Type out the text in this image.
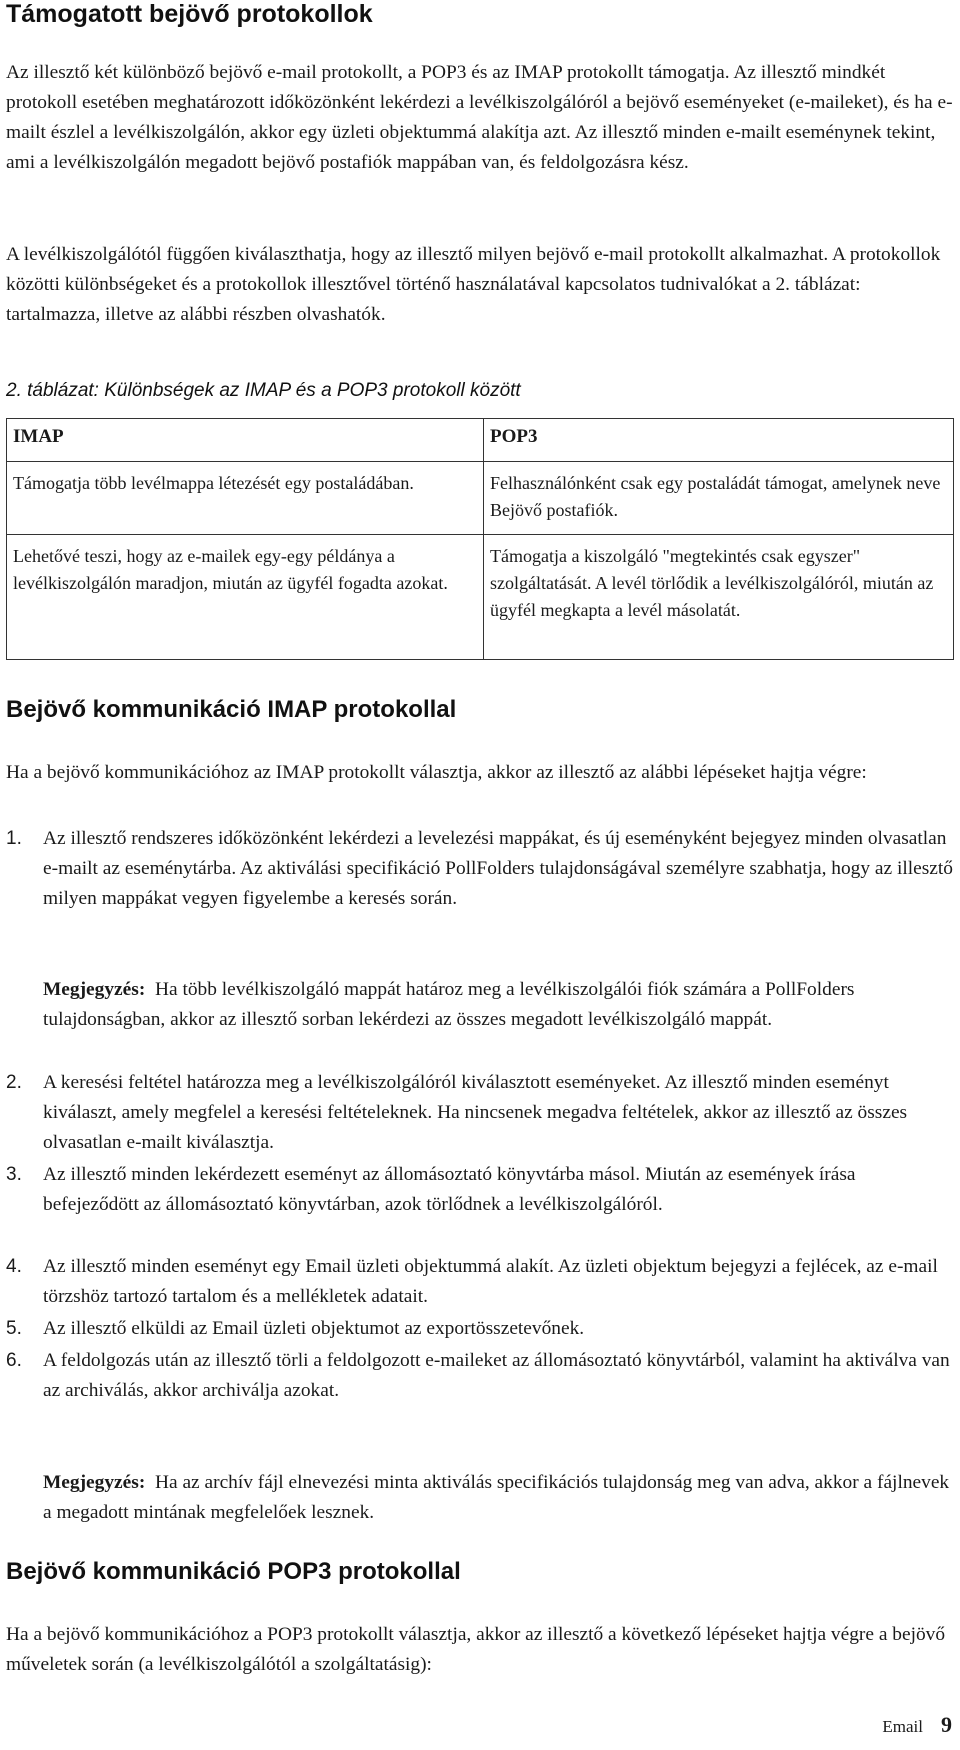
Támogatott bejövő protokollok

Az illesztő két különböző bejövő e-mail protokollt, a POP3 és az IMAP protokollt támogatja. Az illesztő mindkét protokoll esetében meghatározott időközönként lekérdezi a levélkiszolgálóról a bejövő eseményeket (e-maileket), és ha e-mailt észlel a levélkiszolgálón, akkor egy üzleti objektummá alakítja azt. Az illesztő minden e-mailt eseménynek tekint, ami a levélkiszolgálón megadott bejövő postafiók mappában van, és feldolgozásra kész.

A levélkiszolgálótól függően kiválaszthatja, hogy az illesztő milyen bejövő e-mail protokollt alkalmazhat. A protokollok közötti különbségeket és a protokollok illesztővel történő használatával kapcsolatos tudnivalókat a 2. táblázat: tartalmazza, illetve az alábbi részben olvashatók.

2. táblázat: Különbségek az IMAP és a POP3 protokoll között

IMAP	POP3
Támogatja több levélmappa létezését egy postaládában.	Felhasználónként csak egy postaládát támogat, amelynek neve Bejövő postafiók.
Lehetővé teszi, hogy az e-mailek egy-egy példánya a levélkiszolgálón maradjon, miután az ügyfél fogadta azokat.	Támogatja a kiszolgáló "megtekintés csak egyszer" szolgáltatását. A levél törlődik a levélkiszolgálóról, miután az ügyfél megkapta a levél másolatát.
Bejövő kommunikáció IMAP protokollal

Ha a bejövő kommunikációhoz az IMAP protokollt választja, akkor az illesztő az alábbi lépéseket hajtja végre:

1. Az illesztő rendszeres időközönként lekérdezi a levelezési mappákat, és új eseményként bejegyez minden olvasatlan e-mailt az eseménytárba. Az aktiválási specifikáció PollFolders tulajdonságával személyre szabhatja, hogy az illesztő milyen mappákat vegyen figyelembe a keresés során.
Megjegyzés: Ha több levélkiszolgáló mappát határoz meg a levélkiszolgálói fiók számára a PollFolders tulajdonságban, akkor az illesztő sorban lekérdezi az összes megadott levélkiszolgáló mappát.
2. A keresési feltétel határozza meg a levélkiszolgálóról kiválasztott eseményeket. Az illesztő minden eseményt kiválaszt, amely megfelel a keresési feltételeknek. Ha nincsenek megadva feltételek, akkor az illesztő az összes olvasatlan e-mailt kiválasztja.
3. Az illesztő minden lekérdezett eseményt az állomásoztató könyvtárba másol. Miután az események írása befejeződött az állomásoztató könyvtárban, azok törlődnek a levélkiszolgálóról.
4. Az illesztő minden eseményt egy Email üzleti objektummá alakít. Az üzleti objektum bejegyzi a fejlécek, az e-mail törzshöz tartozó tartalom és a mellékletek adatait.
5. Az illesztő elküldi az Email üzleti objektumot az exportösszetevőnek.
6. A feldolgozás után az illesztő törli a feldolgozott e-maileket az állomásoztató könyvtárból, valamint ha aktiválva van az archiválás, akkor archiválja azokat.
Megjegyzés: Ha az archív fájl elnevezési minta aktiválás specifikációs tulajdonság meg van adva, akkor a fájlnevek a megadott mintának megfelelőek lesznek.
Bejövő kommunikáció POP3 protokollal

Ha a bejövő kommunikációhoz a POP3 protokollt választja, akkor az illesztő a következő lépéseket hajtja végre a bejövő műveletek során (a levélkiszolgálótól a szolgáltatásig):

Email 9
